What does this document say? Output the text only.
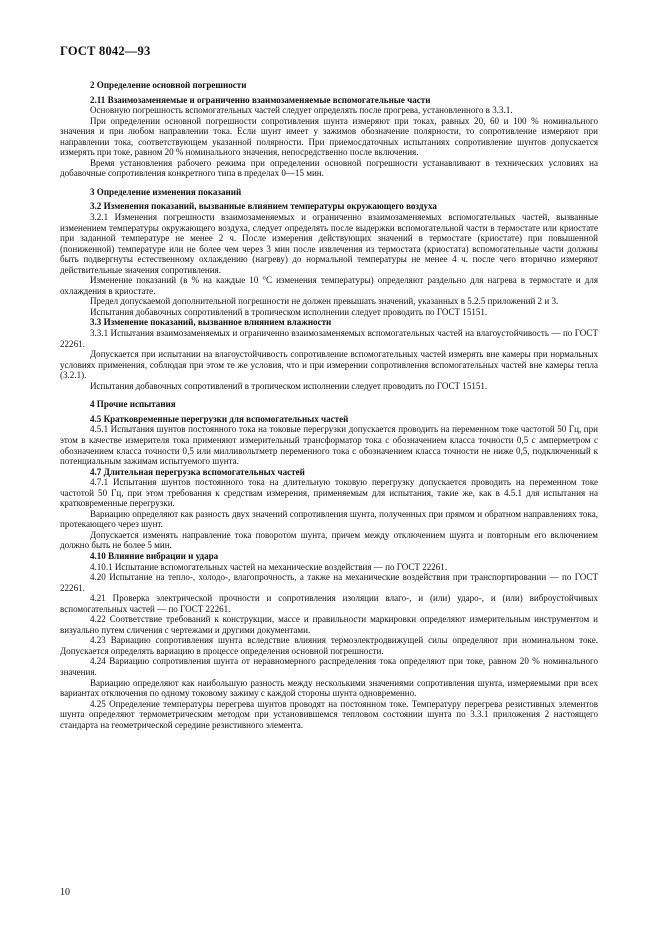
ГОСТ 8042—93
2 Определение основной погрешности
2.11 Взаимозаменяемые и ограниченно взаимозаменяемые вспомогательные части

Основную погрешность вспомогательных частей следует определять после прогрева, установленного в 3.3.1.

При определении основной погрешности сопротивления шунта измеряют при токах, равных 20, 60 и 100 % номинального значения и при любом направлении тока. Если шунт имеет у зажимов обозначение полярности, то сопротивление измеряют при направлении тока, соответствующем указанной полярности. При приемосдаточных испытаниях сопротивление шунтов допускается измерять при токе, равном 20 % номинального значения, непосредственно после включения.

Время установления рабочего режима при определении основной погрешности устанавливают в технических условиях на добавочные сопротивления конкретного типа в пределах 0—15 мин.

3 Определение изменения показаний
3.2 Изменения показаний, вызванные влиянием температуры окружающего воздуха

3.2.1 Изменения погрешности взаимозаменяемых и ограниченно взаимозаменяемых вспомогательных частей, вызванные изменением температуры окружающего воздуха, следует определять после выдержки вспомогательной части в термостате или криостате при заданной температуре не менее 2 ч. После измерения действующих значений в термостате (криостате) при повышенной (пониженной) температуре или не более чем через 3 мин после извлечения из термостата (криостата) вспомогательные части должны быть подвергнуты естественному охлаждению (нагреву) до нормальной температуры не менее 4 ч. после чего вторично измеряют действительные значения сопротивления.

Изменение показаний (в % на каждые 10 °С изменения температуры) определяют раздельно для нагрева в термостате и для охлаждения в криостате.

Предел допускаемой дополнительной погрешности не должен превышать значений, указанных в 5.2.5 приложений 2 и 3.

Испытания добавочных сопротивлений в тропическом исполнении следует проводить по ГОСТ 15151.

3.3 Изменение показаний, вызванное влиянием влажности

3.3.1 Испытания взаимозаменяемых и ограниченно взаимозаменяемых вспомогательных частей на влагоустойчивость — по ГОСТ 22261.

Допускается при испытании на влагоустойчивость сопротивление вспомогательных частей измерять вне камеры при нормальных условиях применения, соблюдая при этом те же условия, что и при измерении сопротивления вспомогательных частей вне камеры тепла (3.2.1).

Испытания добавочных сопротивлений в тропическом исполнении следует проводить по ГОСТ 15151.

4 Прочие испытания
4.5 Кратковременные перегрузки для вспомогательных частей

4.5.1 Испытания шунтов постоянного тока на токовые перегрузки допускается проводить на переменном токе частотой 50 Гц, при этом в качестве измерителя тока применяют измерительный трансформатор тока с обозначением класса точности 0,5 с амперметром с обозначением класса точности 0,5 или милливольтметр переменного тока с обозначением класса точности не ниже 0,5, подключенный к потенциальным зажимам испытуемого шунта.

4.7 Длительная перегрузка вспомогательных частей

4.7.1 Испытания шунтов постоянного тока на длительную токовую перегрузку допускается проводить на переменном токе частотой 50 Гц, при этом требования к средствам измерения, применяемым для испытания, такие же, как в 4.5.1 для испытания на кратковременные перегрузки.

Вариацию определяют как разность двух значений сопротивления шунта, полученных при прямом и обратном направлениях тока, протекающего через шунт.

Допускается изменять направление тока поворотом шунта, причем между отключением шунта и повторным его включением должно быть не более 5 мин.

4.10 Влияние вибрации и удара

4.10.1 Испытание вспомогательных частей на механические воздействия — по ГОСТ 22261.

4.20 Испытание на тепло-, холодо-, влагопрочность, а также на механические воздействия при транспортировании — по ГОСТ 22261.

4.21 Проверка электрической прочности и сопротивления изоляции влаго-, и (или) ударо-, и (или) виброустойчивых вспомогательных частей — по ГОСТ 22261.

4.22 Соответствие требований к конструкции, массе и правильности маркировки определяют измерительным инструментом и визуально путем сличения с чертежами и другими документами.

4.23 Вариацию сопротивления шунта вследствие влияния термоэлектродвижущей силы определяют при номинальном токе. Допускается определять вариацию в процессе определения основной погрешности.

4.24 Вариацию сопротивления шунта от неравномерного распределения тока определяют при токе, равном 20 % номинального значения.

Вариацию определяют как наибольшую разность между несколькими значениями сопротивления шунта, измеряемыми при всех вариантах отключения по одному токовому зажиму с каждой стороны шунта одновременно.

4.25 Определение температуры перегрева шунтов проводят на постоянном токе. Температуру перегрева резистивных элементов шунта определяют термометрическим методом при установившемся тепловом состоянии шунта по 3.3.1 приложения 2 настоящего стандарта на геометрической середине резистивного элемента.

10
